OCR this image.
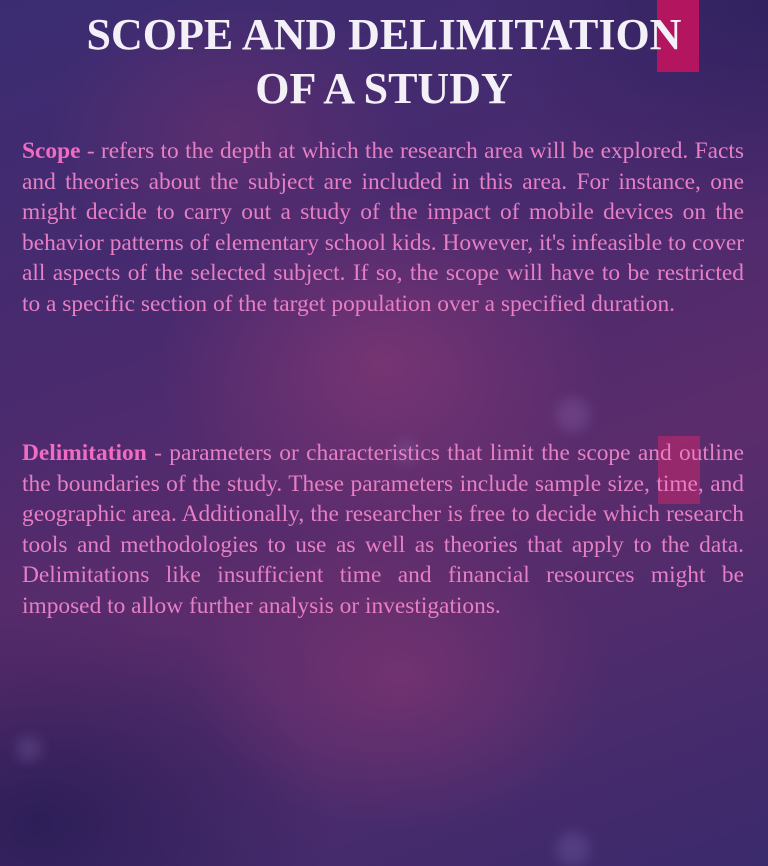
SCOPE AND DELIMITATION
OF A STUDY

Scope - refers to the depth at which the research area will be explored. Facts and theories about the subject are included in this area. For instance, one might decide to carry out a study of the impact of mobile devices on the behavior patterns of elementary school kids. However, it's infeasible to cover all aspects of the selected subject. If so, the scope will have to be restricted to a specific section of the target population over a specified duration.

Delimitation - parameters or characteristics that limit the scope and outline the boundaries of the study. These parameters include sample size, time, and geographic area. Additionally, the researcher is free to decide which research tools and methodologies to use as well as theories that apply to the data. Delimitations like insufficient time and financial resources might be imposed to allow further analysis or investigations.
